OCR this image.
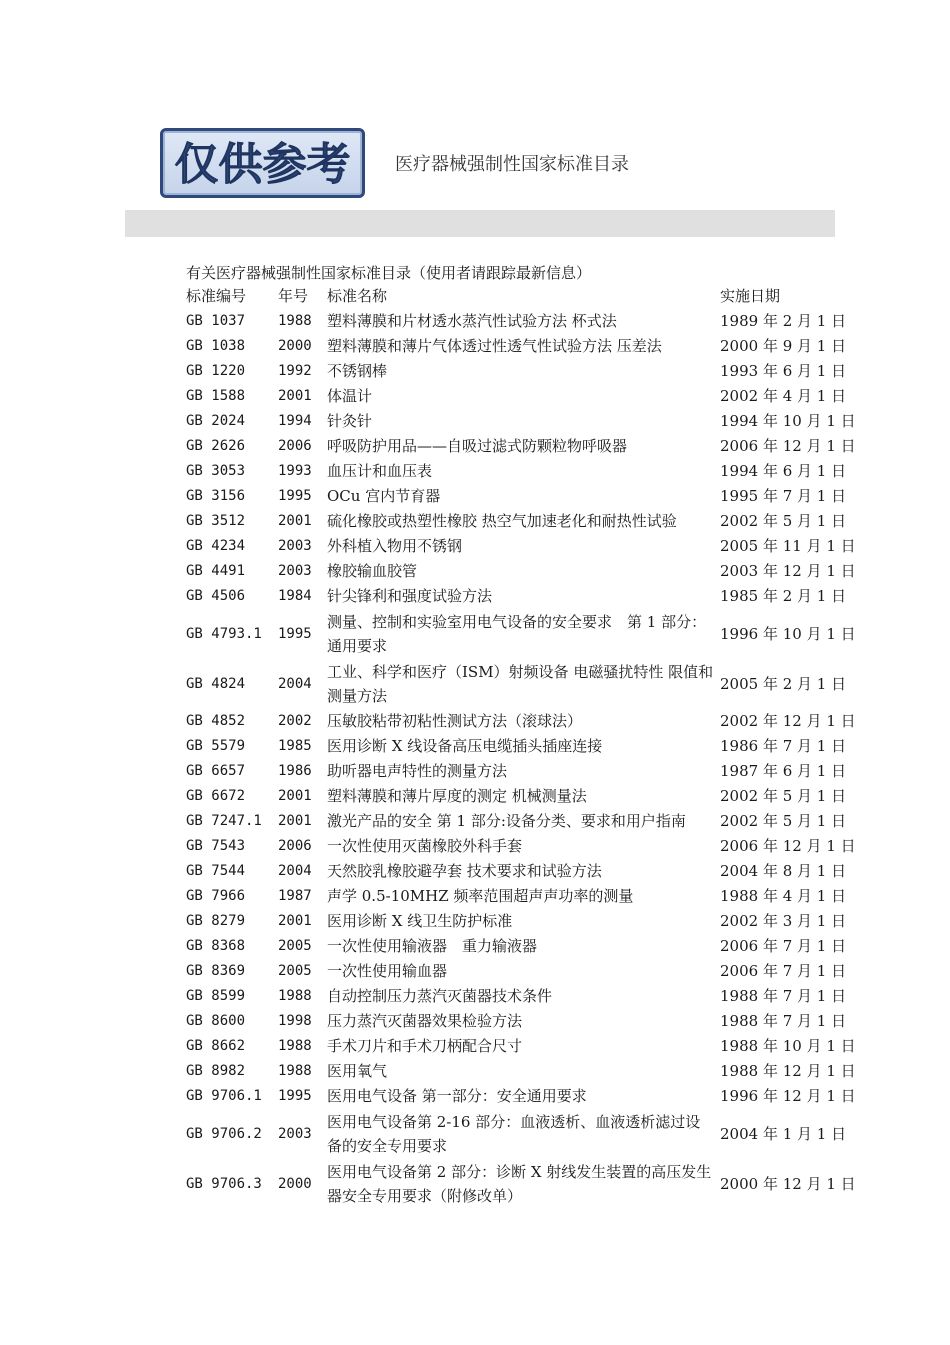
仅供参考 医疗器械强制性国家标准目录
有关医疗器械强制性国家标准目录（使用者请跟踪最新信息）
标准编号	年号	标准名称	实施日期
GB 1037	1988	塑料薄膜和片材透水蒸汽性试验方法 杯式法	1989 年 2 月 1 日
GB 1038	2000	塑料薄膜和薄片气体透过性透气性试验方法 压差法	2000 年 9 月 1 日
GB 1220	1992	不锈钢棒	1993 年 6 月 1 日
GB 1588	2001	体温计	2002 年 4 月 1 日
GB 2024	1994	针灸针	1994 年 10 月 1 日
GB 2626	2006	呼吸防护用品——自吸过滤式防颗粒物呼吸器	2006 年 12 月 1 日
GB 3053	1993	血压计和血压表	1994 年 6 月 1 日
GB 3156	1995	OCu 宫内节育器	1995 年 7 月 1 日
GB 3512	2001	硫化橡胶或热塑性橡胶 热空气加速老化和耐热性试验	2002 年 5 月 1 日
GB 4234	2003	外科植入物用不锈钢	2005 年 11 月 1 日
GB 4491	2003	橡胶输血胶管	2003 年 12 月 1 日
GB 4506	1984	针尖锋利和强度试验方法	1985 年 2 月 1 日
GB 4793.1	1995	测量、控制和实验室用电气设备的安全要求　第 1 部分：通用要求	1996 年 10 月 1 日
GB 4824	2004	工业、科学和医疗（ISM）射频设备 电磁骚扰特性 限值和测量方法	2005 年 2 月 1 日
GB 4852	2002	压敏胶粘带初粘性测试方法（滚球法）	2002 年 12 月 1 日
GB 5579	1985	医用诊断 X 线设备高压电缆插头插座连接	1986 年 7 月 1 日
GB 6657	1986	助听器电声特性的测量方法	1987 年 6 月 1 日
GB 6672	2001	塑料薄膜和薄片厚度的测定 机械测量法	2002 年 5 月 1 日
GB 7247.1	2001	激光产品的安全 第 1 部分:设备分类、要求和用户指南	2002 年 5 月 1 日
GB 7543	2006	一次性使用灭菌橡胶外科手套	2006 年 12 月 1 日
GB 7544	2004	天然胶乳橡胶避孕套 技术要求和试验方法	2004 年 8 月 1 日
GB 7966	1987	声学 0.5-10MHZ 频率范围超声声功率的测量	1988 年 4 月 1 日
GB 8279	2001	医用诊断 X 线卫生防护标准	2002 年 3 月 1 日
GB 8368	2005	一次性使用输液器　重力输液器	2006 年 7 月 1 日
GB 8369	2005	一次性使用输血器	2006 年 7 月 1 日
GB 8599	1988	自动控制压力蒸汽灭菌器技术条件	1988 年 7 月 1 日
GB 8600	1998	压力蒸汽灭菌器效果检验方法	1988 年 7 月 1 日
GB 8662	1988	手术刀片和手术刀柄配合尺寸	1988 年 10 月 1 日
GB 8982	1988	医用氧气	1988 年 12 月 1 日
GB 9706.1	1995	医用电气设备 第一部分：安全通用要求	1996 年 12 月 1 日
GB 9706.2	2003	医用电气设备第 2-16 部分：血液透析、血液透析滤过设备的安全专用要求	2004 年 1 月 1 日
GB 9706.3	2000	医用电气设备第 2 部分：诊断 X 射线发生装置的高压发生器安全专用要求（附修改单）	2000 年 12 月 1 日
